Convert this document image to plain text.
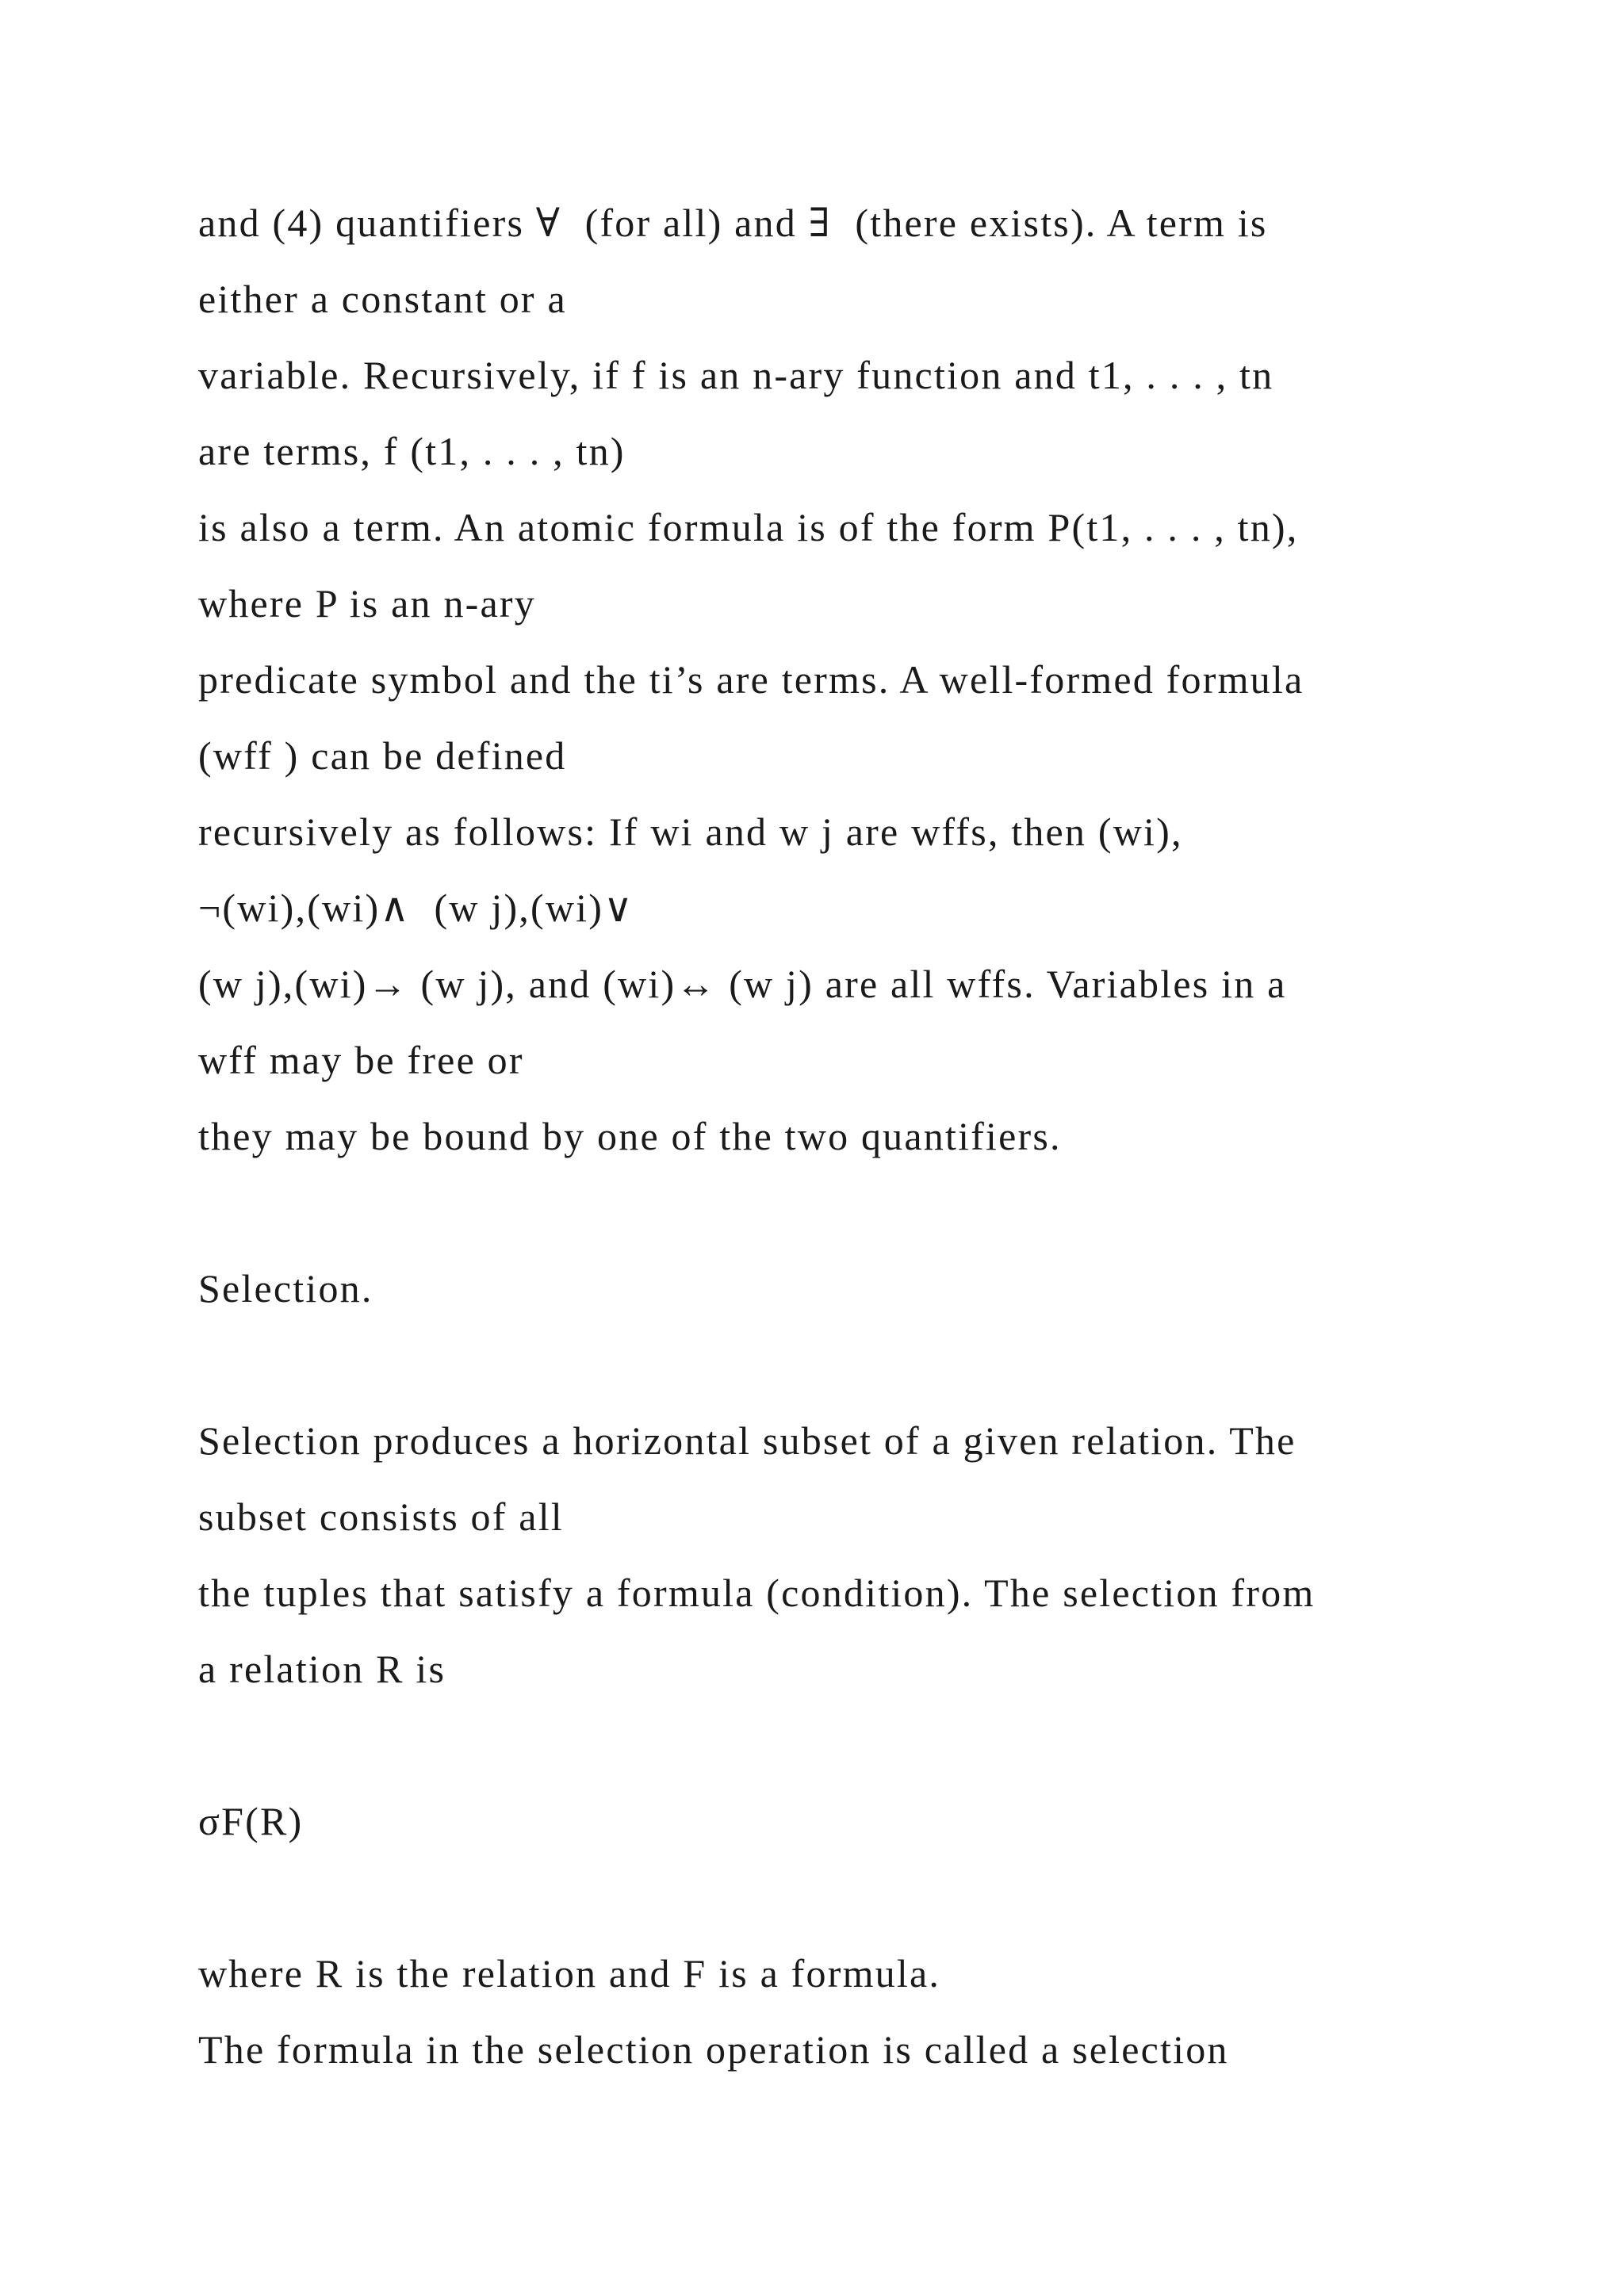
and (4) quantifiers ∀  (for all) and ∃  (there exists). A term is

either a constant or a

variable. Recursively, if f is an n-ary function and t1, . . . , tn

are terms, f (t1, . . . , tn)

is also a term. An atomic formula is of the form P(t1, . . . , tn),

where P is an n-ary

predicate symbol and the ti’s are terms. A well-formed formula

(wff ) can be defined

recursively as follows: If wi and w j are wffs, then (wi),

¬(wi),(wi)∧  (w j),(wi)∨

(w j),(wi)→ (w j), and (wi)↔ (w j) are all wffs. Variables in a

wff may be free or

they may be bound by one of the two quantifiers.

Selection.

Selection produces a horizontal subset of a given relation. The

subset consists of all

the tuples that satisfy a formula (condition). The selection from

a relation R is

σF(R)

where R is the relation and F is a formula.

The formula in the selection operation is called a selection
